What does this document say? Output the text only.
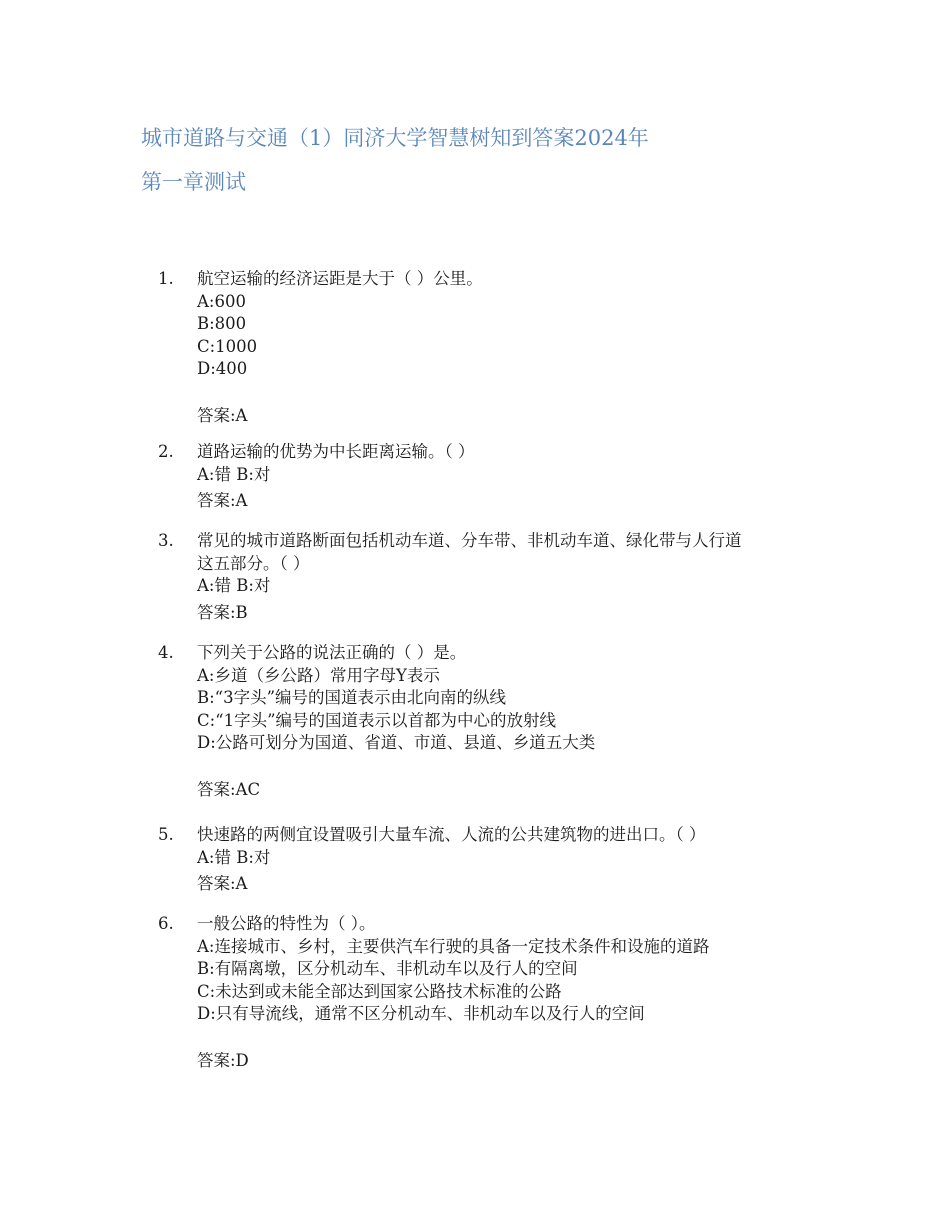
城市道路与交通（1）同济大学智慧树知到答案2024年
第一章测试
1. 航空运输的经济运距是大于（ ）公里。
A:600
B:800
C:1000
D:400
答案:A
2. 道路运输的优势为中长距离运输。（ ）
A:错 B:对
答案:A
3. 常见的城市道路断面包括机动车道、分车带、非机动车道、绿化带与人行道
这五部分。（ ）
A:错 B:对
答案:B
4. 下列关于公路的说法正确的（ ）是。
A:乡道（乡公路）常用字母Y表示
B:“3字头”编号的国道表示由北向南的纵线
C:“1字头”编号的国道表示以首都为中心的放射线
D:公路可划分为国道、省道、市道、县道、乡道五大类
答案:AC
5. 快速路的两侧宜设置吸引大量车流、人流的公共建筑物的进出口。（ ）
A:错 B:对
答案:A
6. 一般公路的特性为（ ）。
A:连接城市、乡村，主要供汽车行驶的具备一定技术条件和设施的道路
B:有隔离墩，区分机动车、非机动车以及行人的空间
C:未达到或未能全部达到国家公路技术标准的公路
D:只有导流线，通常不区分机动车、非机动车以及行人的空间
答案:D
